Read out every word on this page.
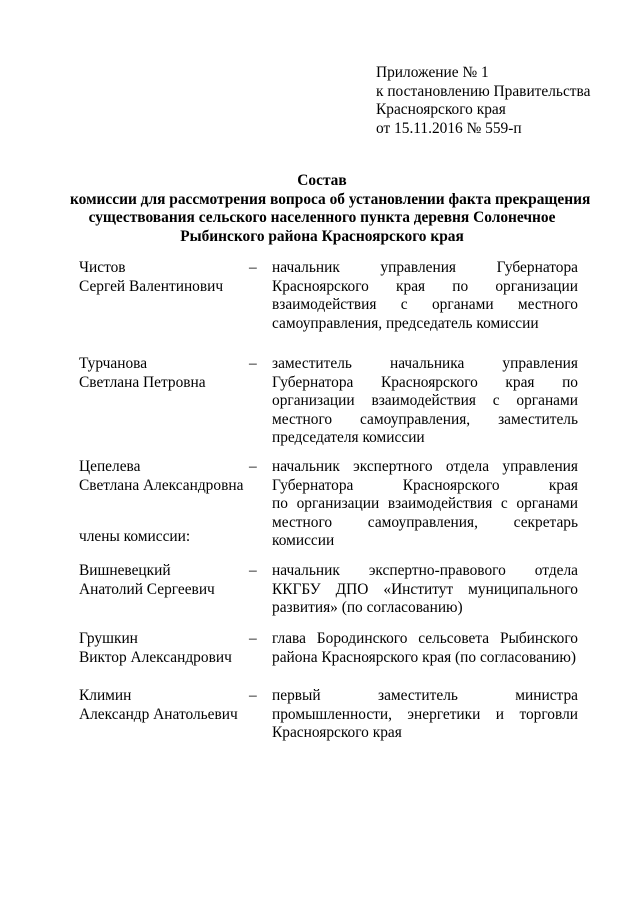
Приложение № 1
к постановлению Правительства
Красноярского края
от 15.11.2016 № 559-п
Состав
комиссии для рассмотрения вопроса об установлении факта прекращения
существования сельского населенного пункта деревня Солонечное
Рыбинского района Красноярского края
Чистов
Сергей Валентинович
– начальник управления Губернатора
Красноярского края по организации
взаимодействия с органами местного
самоуправления, председатель комиссии
Турчанова
Светлана Петровна
– заместитель начальника управления
Губернатора Красноярского края по
организации взаимодействия с органами
местного самоуправления, заместитель
председателя комиссии
Цепелева
Светлана Александровна
– начальник экспертного отдела управления
Губернатора Красноярского края
по организации взаимодействия с органами
местного самоуправления, секретарь комиссии
члены комиссии:
Вишневецкий
Анатолий Сергеевич
– начальник экспертно-правового отдела
ККГБУ ДПО «Институт муниципального
развития» (по согласованию)
Грушкин
Виктор Александрович
– глава Бородинского сельсовета Рыбинского
района Красноярского края (по согласованию)
Климин
Александр Анатольевич
– первый заместитель министра
промышленности, энергетики и торговли
Красноярского края
